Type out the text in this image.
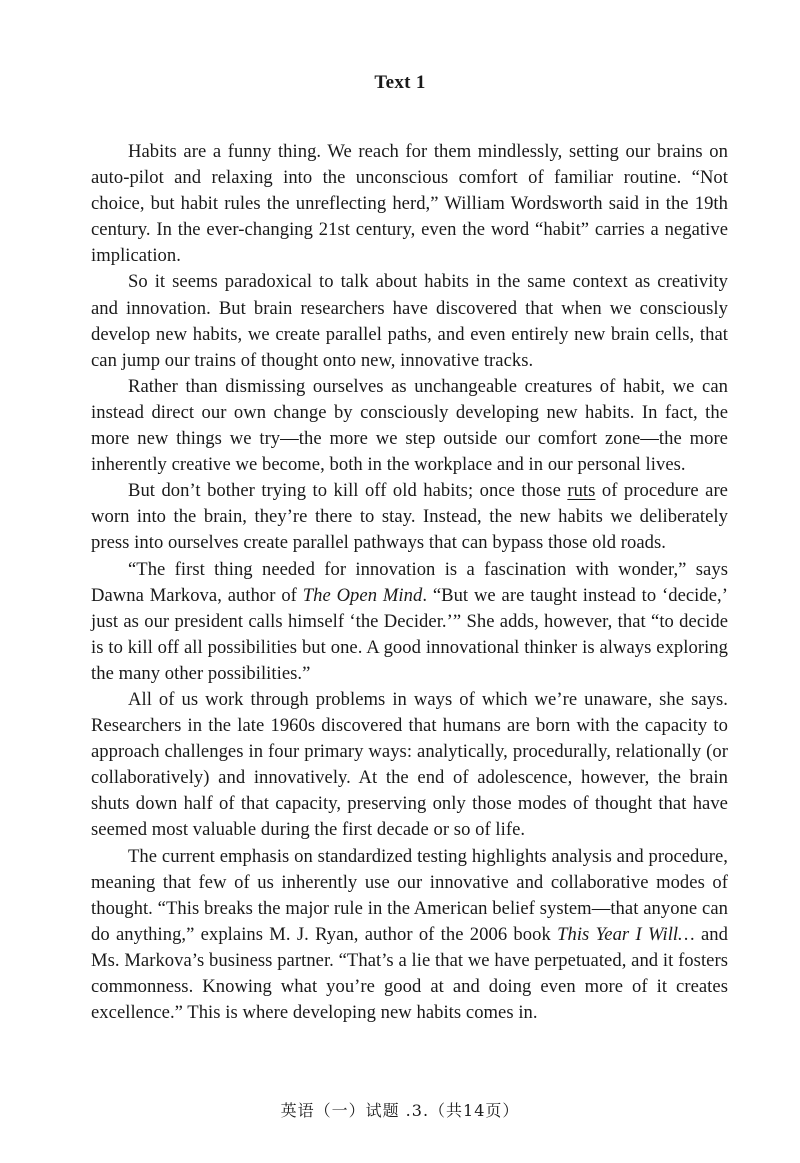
Text 1

Habits are a funny thing. We reach for them mindlessly, setting our brains on auto-pilot and relaxing into the unconscious comfort of familiar routine. “Not choice, but habit rules the unreflecting herd,” William Wordsworth said in the 19th century. In the ever-changing 21st century, even the word “habit” carries a negative implication.

So it seems paradoxical to talk about habits in the same context as creativity and innovation. But brain researchers have discovered that when we consciously develop new habits, we create parallel paths, and even entirely new brain cells, that can jump our trains of thought onto new, innovative tracks.

Rather than dismissing ourselves as unchangeable creatures of habit, we can instead direct our own change by consciously developing new habits. In fact, the more new things we try—the more we step outside our comfort zone—the more inherently creative we become, both in the workplace and in our personal lives.

But don’t bother trying to kill off old habits; once those ruts of procedure are worn into the brain, they’re there to stay. Instead, the new habits we deliberately press into ourselves create parallel pathways that can bypass those old roads.

“The first thing needed for innovation is a fascination with wonder,” says Dawna Markova, author of The Open Mind. “But we are taught instead to ‘decide,’ just as our president calls himself ‘the Decider.’” She adds, however, that “to decide is to kill off all possibilities but one. A good innovational thinker is always exploring the many other possibilities.”

All of us work through problems in ways of which we’re unaware, she says. Researchers in the late 1960s discovered that humans are born with the capacity to approach challenges in four primary ways: analytically, procedurally, relationally (or collaboratively) and innovatively. At the end of adolescence, however, the brain shuts down half of that capacity, preserving only those modes of thought that have seemed most valuable during the first decade or so of life.

The current emphasis on standardized testing highlights analysis and procedure, meaning that few of us inherently use our innovative and collaborative modes of thought. “This breaks the major rule in the American belief system—that anyone can do anything,” explains M. J. Ryan, author of the 2006 book This Year I Will… and Ms. Markova’s business partner. “That’s a lie that we have perpetuated, and it fosters commonness. Knowing what you’re good at and doing even more of it creates excellence.” This is where developing new habits comes in.

英语（一）试题 .3.（共14页）
